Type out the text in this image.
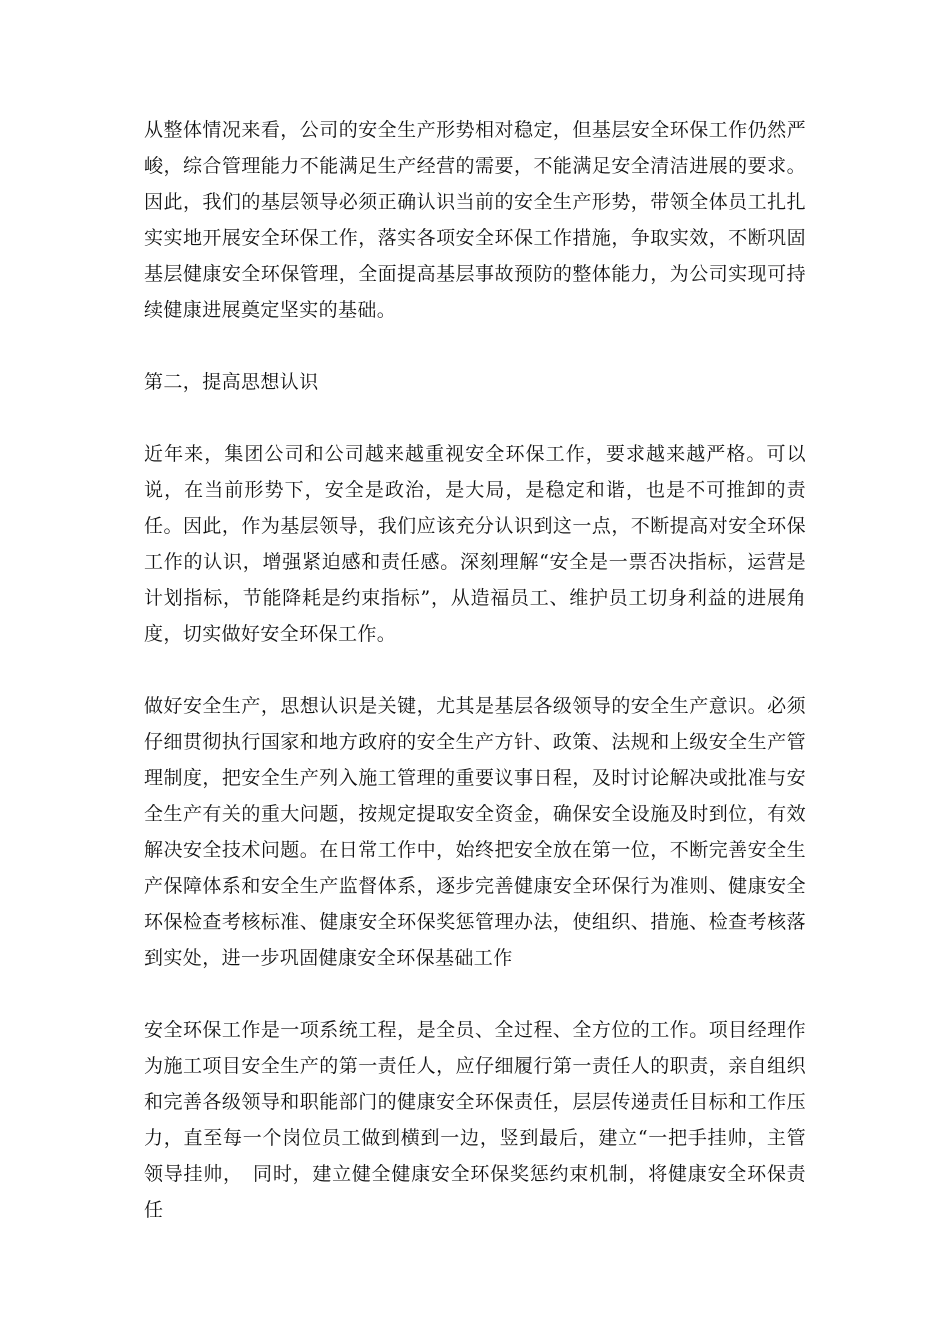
从整体情况来看，公司的安全生产形势相对稳定，但基层安全环保工作仍然严峻，综合管理能力不能满足生产经营的需要，不能满足安全清洁进展的要求。因此，我们的基层领导必须正确认识当前的安全生产形势，带领全体员工扎扎实实地开展安全环保工作，落实各项安全环保工作措施，争取实效，不断巩固基层健康安全环保管理，全面提高基层事故预防的整体能力，为公司实现可持续健康进展奠定坚实的基础。

第二，提高思想认识

近年来，集团公司和公司越来越重视安全环保工作，要求越来越严格。可以说，在当前形势下，安全是政治，是大局，是稳定和谐，也是不可推卸的责任。因此，作为基层领导，我们应该充分认识到这一点，不断提高对安全环保工作的认识，增强紧迫感和责任感。深刻理解“安全是一票否决指标，运营是计划指标，节能降耗是约束指标”，从造福员工、维护员工切身利益的进展角度，切实做好安全环保工作。

做好安全生产，思想认识是关键，尤其是基层各级领导的安全生产意识。必须仔细贯彻执行国家和地方政府的安全生产方针、政策、法规和上级安全生产管理制度，把安全生产列入施工管理的重要议事日程，及时讨论解决或批准与安全生产有关的重大问题，按规定提取安全资金，确保安全设施及时到位，有效解决安全技术问题。在日常工作中，始终把安全放在第一位，不断完善安全生产保障体系和安全生产监督体系，逐步完善健康安全环保行为准则、健康安全环保检查考核标准、健康安全环保奖惩管理办法，使组织、措施、检查考核落到实处，进一步巩固健康安全环保基础工作

安全环保工作是一项系统工程，是全员、全过程、全方位的工作。项目经理作为施工项目安全生产的第一责任人，应仔细履行第一责任人的职责，亲自组织和完善各级领导和职能部门的健康安全环保责任，层层传递责任目标和工作压力，直至每一个岗位员工做到横到一边，竖到最后，建立“一把手挂帅，主管领导挂帅，　同时，建立健全健康安全环保奖惩约束机制，将健康安全环保责任
